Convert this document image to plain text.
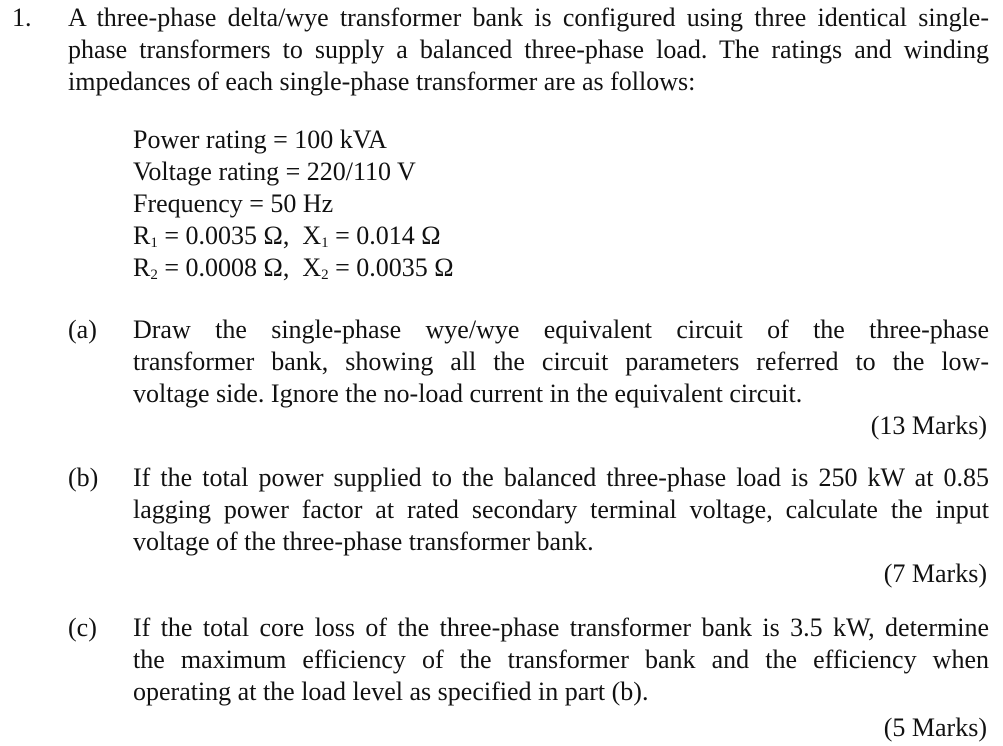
1. A three-phase delta/wye transformer bank is configured using three identical single-
phase transformers to supply a balanced three-phase load. The ratings and winding
impedances of each single-phase transformer are as follows:
Power rating = 100 kVA
Voltage rating = 220/110 V
Frequency = 50 Hz
$R_1 = 0.0035$ Ω,  $X_1 = 0.014$ Ω
$R_2 = 0.0008$ Ω,  $X_2 = 0.0035$ Ω
(a) Draw the single-phase wye/wye equivalent circuit of the three-phase
transformer bank, showing all the circuit parameters referred to the low-
voltage side. Ignore the no-load current in the equivalent circuit.
(13 Marks)
(b) If the total power supplied to the balanced three-phase load is 250 kW at 0.85
lagging power factor at rated secondary terminal voltage, calculate the input
voltage of the three-phase transformer bank.
(7 Marks)
(c) If the total core loss of the three-phase transformer bank is 3.5 kW, determine
the maximum efficiency of the transformer bank and the efficiency when
operating at the load level as specified in part (b).
(5 Marks)
